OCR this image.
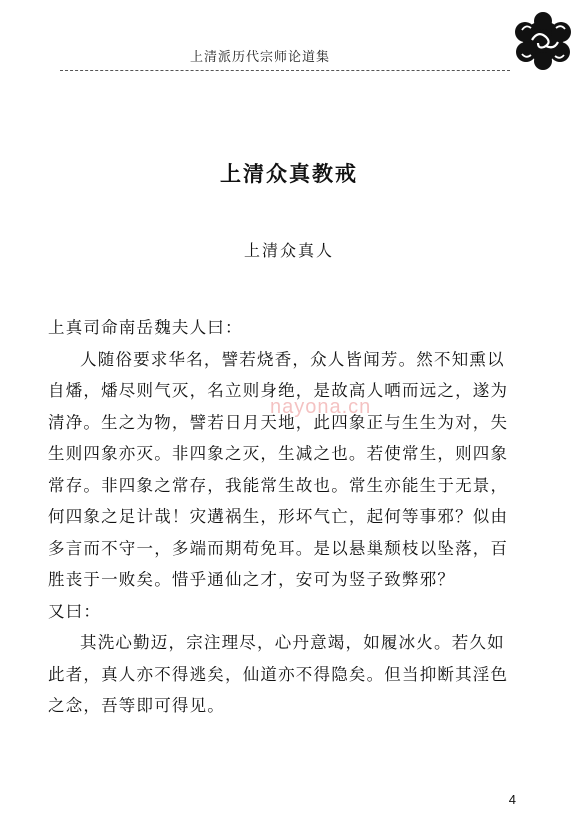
上清派历代宗师论道集
上清众真教戒
上清众真人
上真司命南岳魏夫人曰：
人随俗要求华名，譬若烧香，众人皆闻芳。然不知熏以
自燔，燔尽则气灭，名立则身绝，是故高人哂而远之，遂为
清净。生之为物，譬若日月天地，此四象正与生生为对，失
生则四象亦灭。非四象之灭，生减之也。若使常生，则四象
常存。非四象之常存，我能常生故也。常生亦能生于无景，
何四象之足计哉！灾遘祸生，形坏气亡，起何等事邪？似由
多言而不守一，多端而期苟免耳。是以悬巢颓枝以坠落，百
胜丧于一败矣。惜乎通仙之才，安可为竖子致弊邪？
又曰：
其洗心勤迈，宗注理尽，心丹意竭，如履冰火。若久如
此者，真人亦不得逃矣，仙道亦不得隐矣。但当抑断其淫色
之念，吾等即可得见。
nayona.cn
4
